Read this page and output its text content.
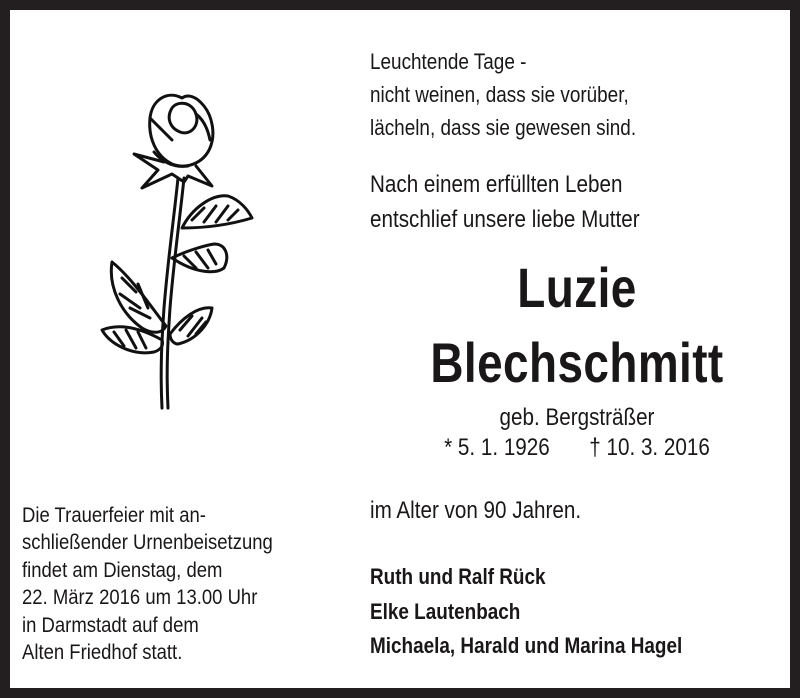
Leuchtende Tage -
nicht weinen, dass sie vorüber,
lächeln, dass sie gewesen sind.
Nach einem erfüllten Leben
entschlief unsere liebe Mutter
Luzie
Blechschmitt
geb. Bergsträßer
* 5. 1. 1926 † 10. 3. 2016
im Alter von 90 Jahren.
Ruth und Ralf Rück
Elke Lautenbach
Michaela, Harald und Marina Hagel
Die Trauerfeier mit an-
schließender Urnenbeisetzung
findet am Dienstag, dem
22. März 2016 um 13.00 Uhr
in Darmstadt auf dem
Alten Friedhof statt.
